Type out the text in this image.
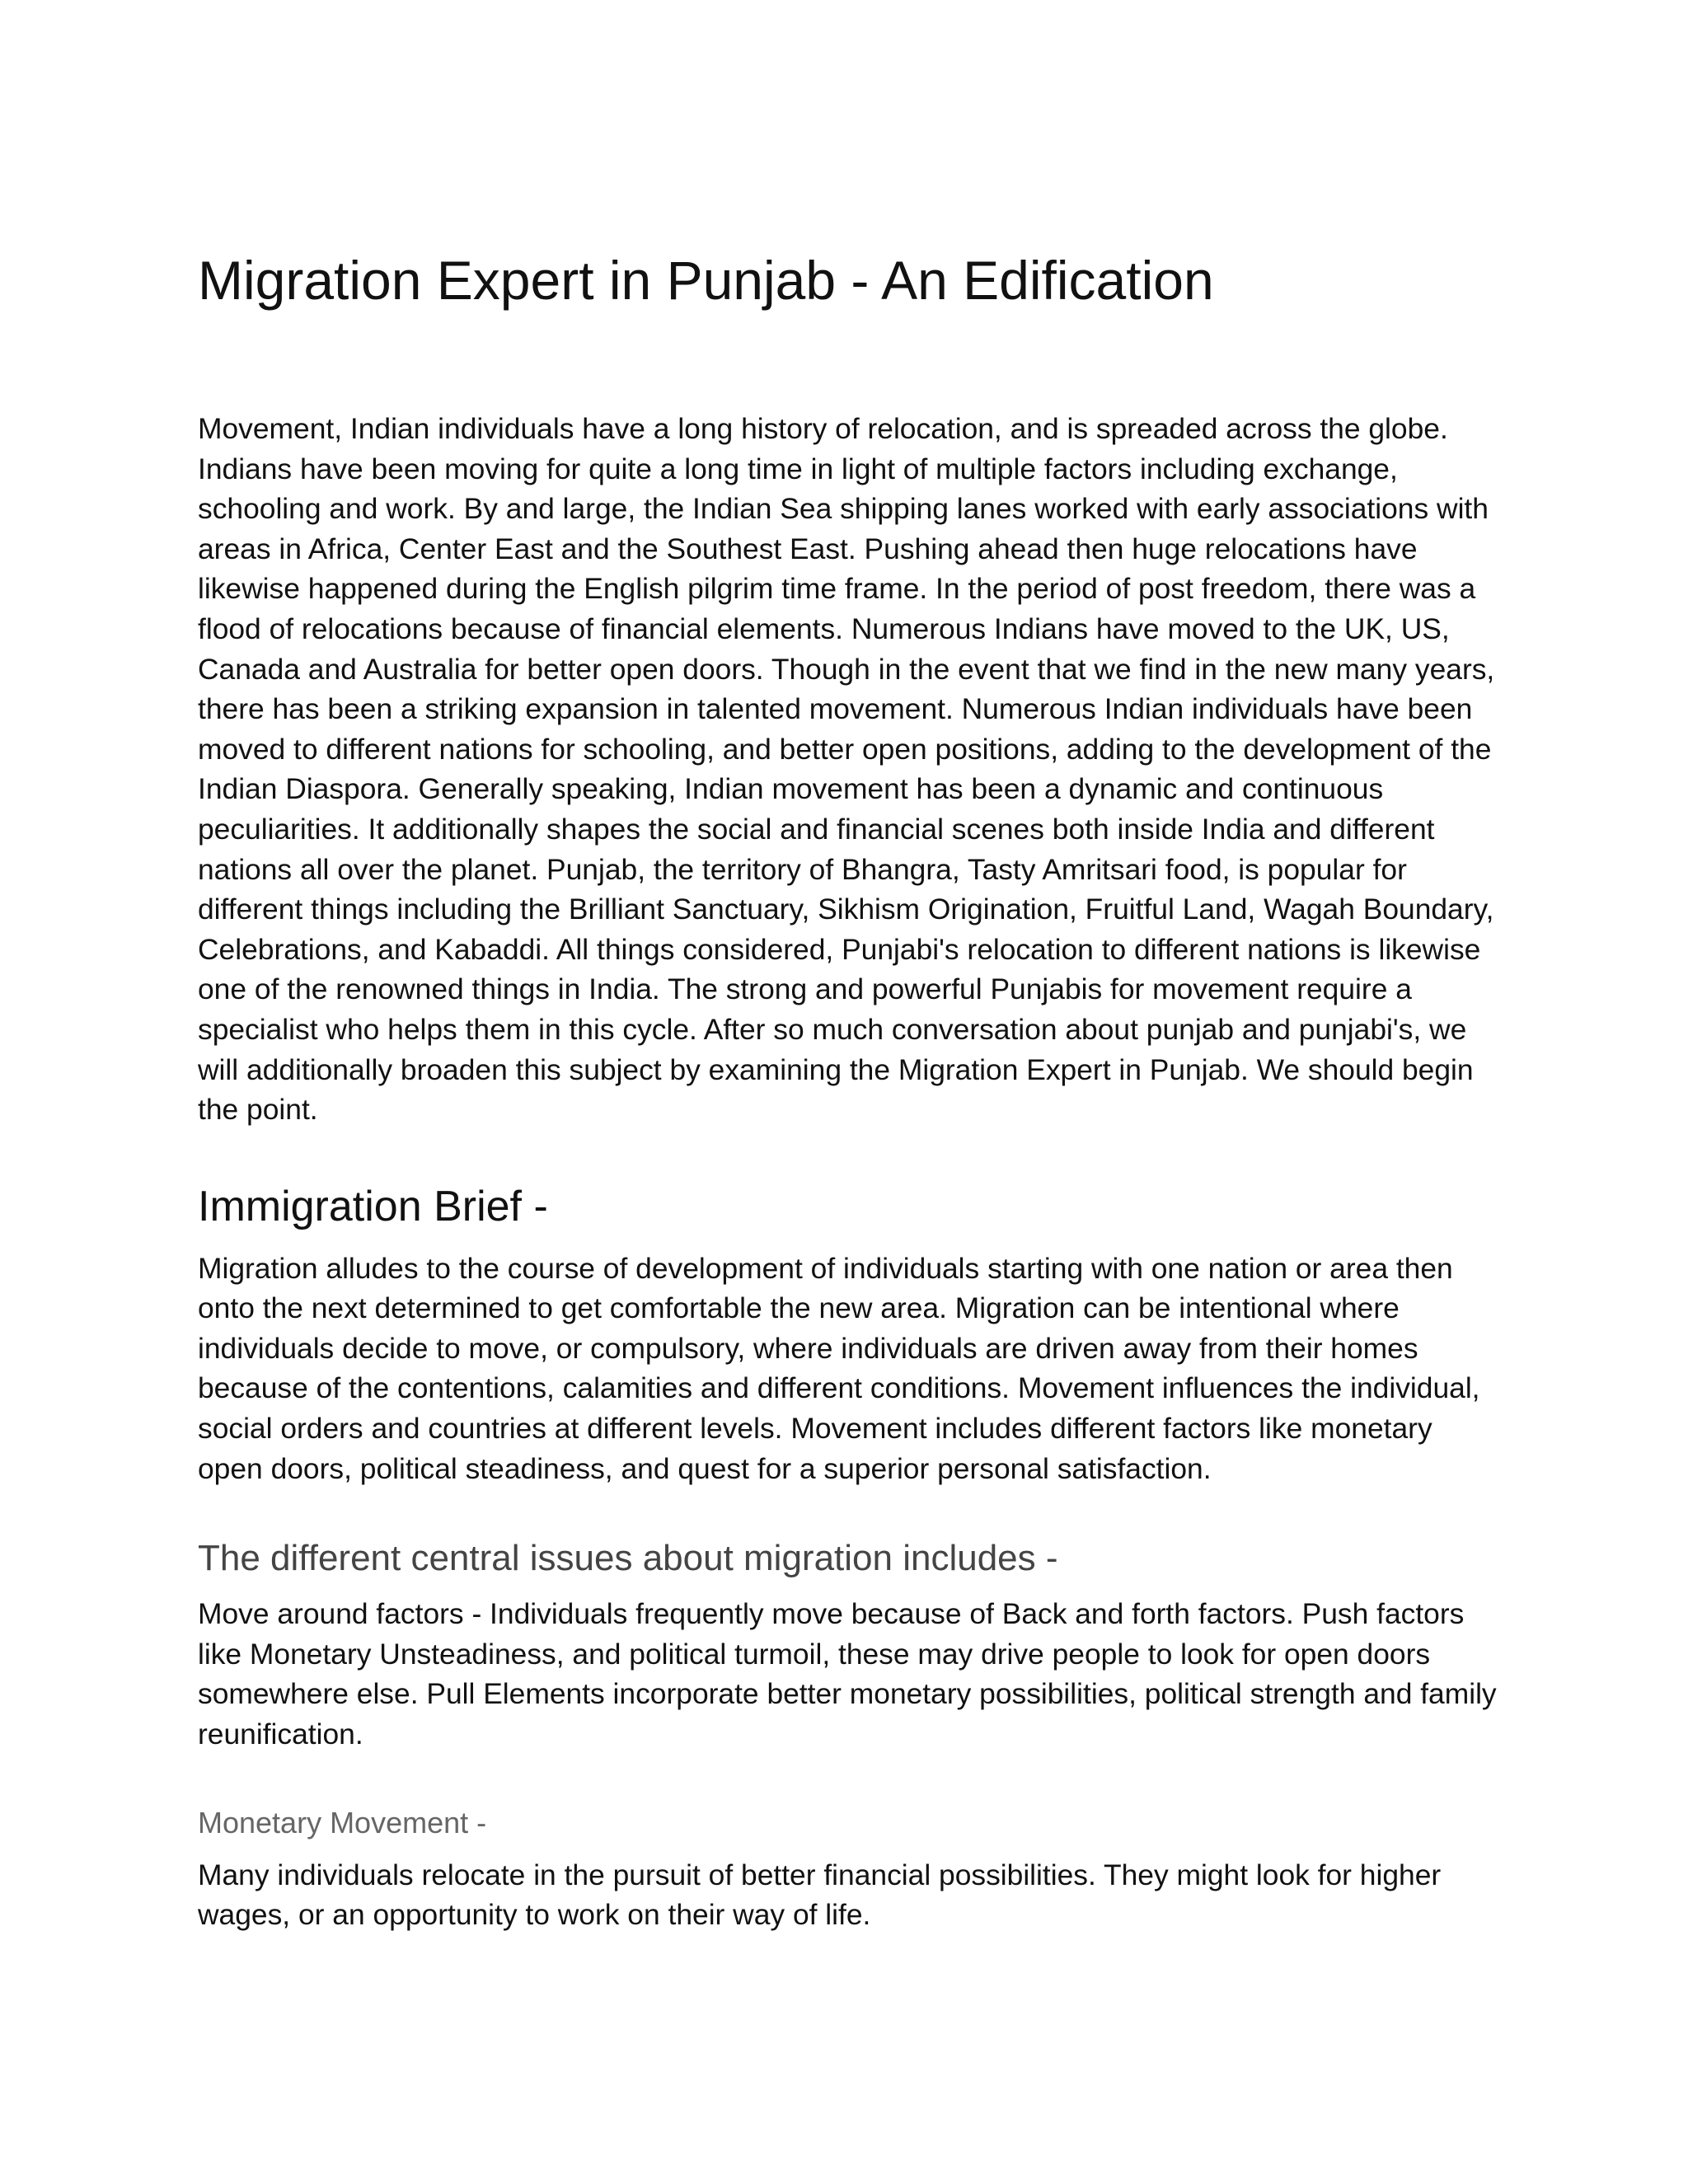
Migration Expert in Punjab - An Edification

Movement, Indian individuals have a long history of relocation, and is spreaded across the globe. Indians have been moving for quite a long time in light of multiple factors including exchange, schooling and work. By and large, the Indian Sea shipping lanes worked with early associations with areas in Africa, Center East and the Southest East. Pushing ahead then huge relocations have likewise happened during the English pilgrim time frame. In the period of post freedom, there was a flood of relocations because of financial elements. Numerous Indians have moved to the UK, US, Canada and Australia for better open doors. Though in the event that we find in the new many years, there has been a striking expansion in talented movement. Numerous Indian individuals have been moved to different nations for schooling, and better open positions, adding to the development of the Indian Diaspora. Generally speaking, Indian movement has been a dynamic and continuous peculiarities. It additionally shapes the social and financial scenes both inside India and different nations all over the planet. Punjab, the territory of Bhangra, Tasty Amritsari food, is popular for different things including the Brilliant Sanctuary, Sikhism Origination, Fruitful Land, Wagah Boundary, Celebrations, and Kabaddi. All things considered, Punjabi's relocation to different nations is likewise one of the renowned things in India. The strong and powerful Punjabis for movement require a specialist who helps them in this cycle. After so much conversation about punjab and punjabi's, we will additionally broaden this subject by examining the Migration Expert in Punjab. We should begin the point.

Immigration Brief -

Migration alludes to the course of development of individuals starting with one nation or area then onto the next determined to get comfortable the new area. Migration can be intentional where individuals decide to move, or compulsory, where individuals are driven away from their homes because of the contentions, calamities and different conditions. Movement influences the individual, social orders and countries at different levels. Movement includes different factors like monetary open doors, political steadiness, and quest for a superior personal satisfaction.

The different central issues about migration includes -

Move around factors - Individuals frequently move because of Back and forth factors. Push factors like Monetary Unsteadiness, and political turmoil, these may drive people to look for open doors somewhere else. Pull Elements incorporate better monetary possibilities, political strength and family reunification.

Monetary Movement -

Many individuals relocate in the pursuit of better financial possibilities. They might look for higher wages, or an opportunity to work on their way of life.
